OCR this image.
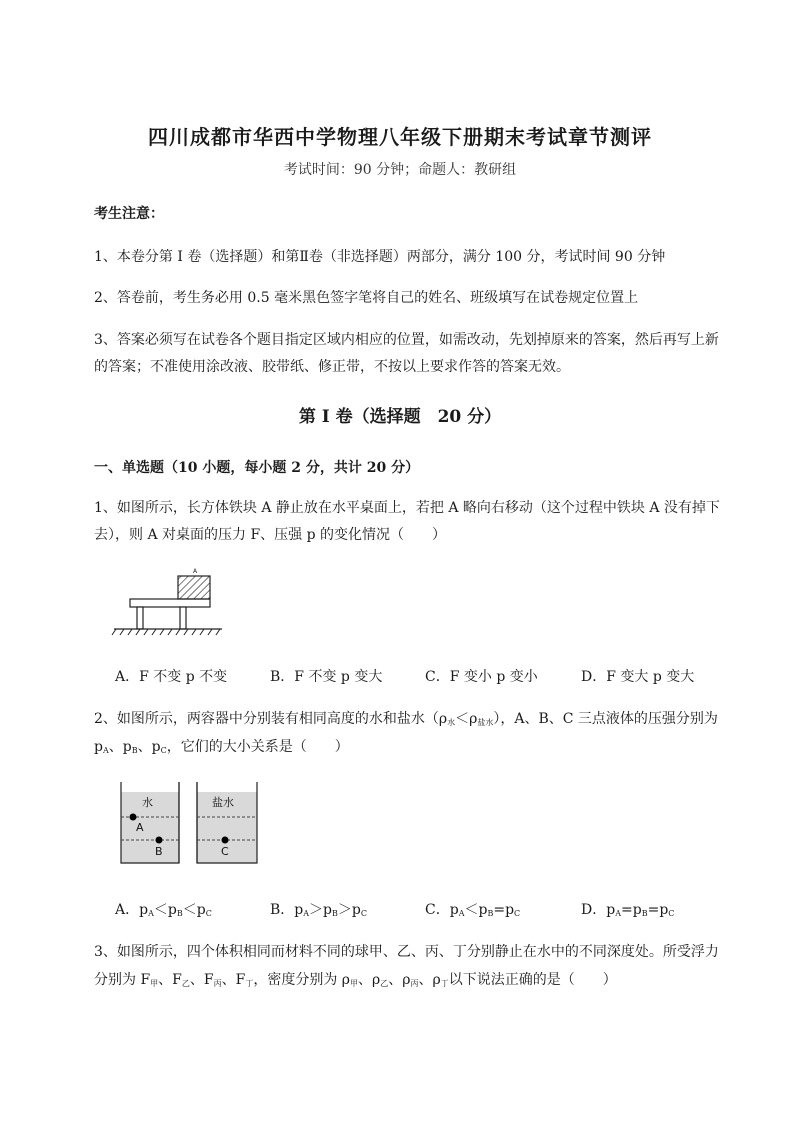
四川成都市华西中学物理八年级下册期末考试章节测评
考试时间：90 分钟；命题人：教研组
考生注意：
1、本卷分第 I 卷（选择题）和第Ⅱ卷（非选择题）两部分，满分 100 分，考试时间 90 分钟
2、答卷前，考生务必用 0.5 毫米黑色签字笔将自己的姓名、班级填写在试卷规定位置上
3、答案必须写在试卷各个题目指定区域内相应的位置，如需改动，先划掉原来的答案，然后再写上新
的答案；不准使用涂改液、胶带纸、修正带，不按以上要求作答的答案无效。
第 I 卷（选择题　20 分）
一、单选题（10 小题，每小题 2 分，共计 20 分）
1、如图所示，长方体铁块 A 静止放在水平桌面上，若把 A 略向右移动（这个过程中铁块 A 没有掉下
去），则 A 对桌面的压力 F、压强 p 的变化情况（　　）
A
A．F 不变 p 不变	B．F 不变 p 变大	C．F 变小 p 变小	D．F 变大 p 变大
2、如图所示，两容器中分别装有相同高度的水和盐水$(\rho_水<\rho_{盐水})$，A、B、C 三点液体的压强分别为
$p_A$、$p_B$、$p_C$，它们的大小关系是（　　）
水	盐水
A
B	C
A．$p_A<p_B<p_C$	B．$p_A>p_B>p_C$	C．$p_A<p_B=p_C$	D．$p_A=p_B=p_C$
3、如图所示，四个体积相同而材料不同的球甲、乙、丙、丁分别静止在水中的不同深度处。所受浮力
分别为 $F_甲$、$F_乙$、$F_丙$、$F_丁$，密度分别为 $\rho_甲$、$\rho_乙$、$\rho_丙$、$\rho_丁$以下说法正确的是（　　）
